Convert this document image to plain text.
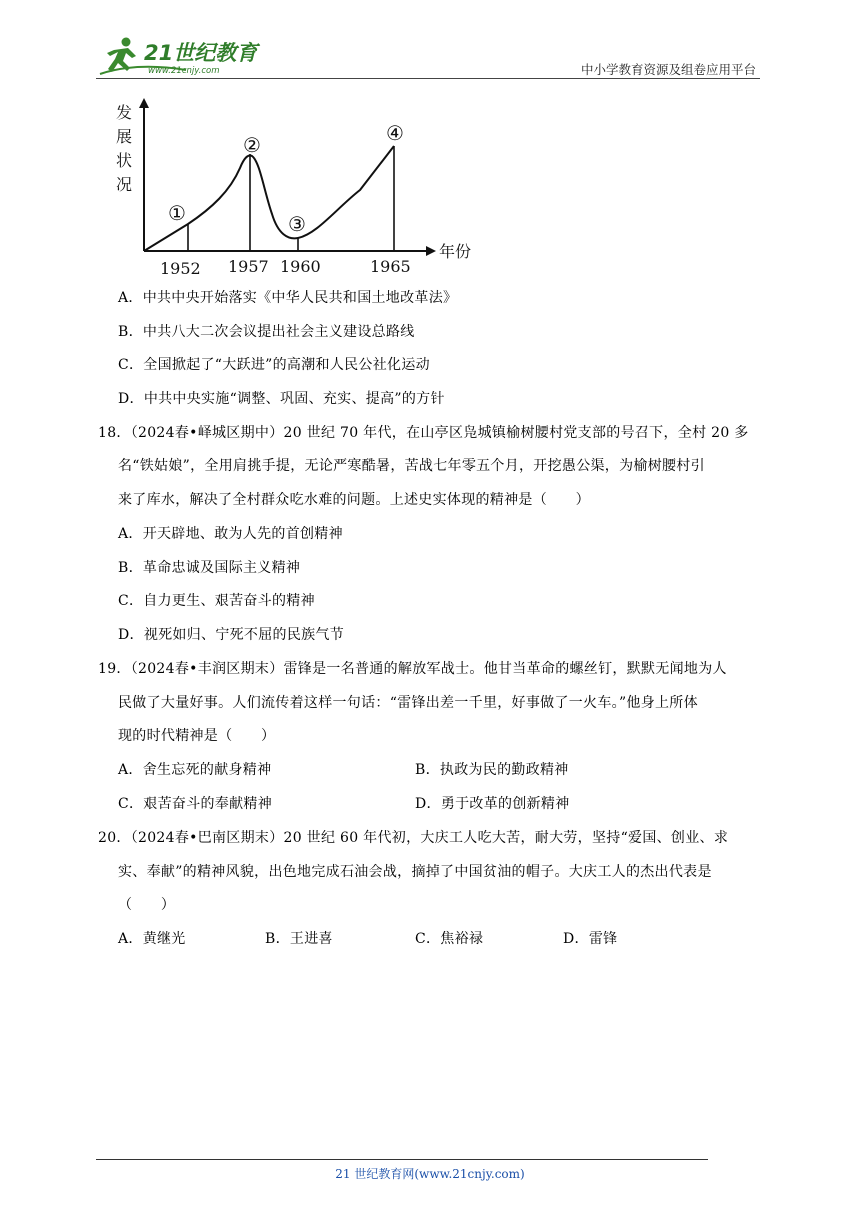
21世纪教育
www.21cnjy.com	中小学教育资源及组卷应用平台
发
展
状
况
年份
①
②
③
④
1952 1957 1960	1965
A．中共中央开始落实《中华人民共和国土地改革法》
B．中共八大二次会议提出社会主义建设总路线
C．全国掀起了“大跃进”的高潮和人民公社化运动
D．中共中央实施“调整、巩固、充实、提高”的方针
18．（2024春•峄城区期中）20 世纪 70 年代，在山亭区凫城镇榆树腰村党支部的号召下，全村 20 多
名“铁姑娘”，全用肩挑手提，无论严寒酷暑，苦战七年零五个月，开挖愚公渠，为榆树腰村引
来了库水，解决了全村群众吃水难的问题。上述史实体现的精神是（　　）
A．开天辟地、敢为人先的首创精神
B．革命忠诚及国际主义精神
C．自力更生、艰苦奋斗的精神
D．视死如归、宁死不屈的民族气节
19．（2024春•丰润区期末）雷锋是一名普通的解放军战士。他甘当革命的螺丝钉，默默无闻地为人
民做了大量好事。人们流传着这样一句话：“雷锋出差一千里，好事做了一火车。”他身上所体
现的时代精神是（　　）
A．舍生忘死的献身精神	B．执政为民的勤政精神
C．艰苦奋斗的奉献精神	D．勇于改革的创新精神
20．（2024春•巴南区期末）20 世纪 60 年代初，大庆工人吃大苦，耐大劳，坚持“爱国、创业、求
实、奉献”的精神风貌，出色地完成石油会战，摘掉了中国贫油的帽子。大庆工人的杰出代表是
（　　）
A．黄继光	B．王进喜	C．焦裕禄	D．雷锋
21 世纪教育网(www.21cnjy.com)
